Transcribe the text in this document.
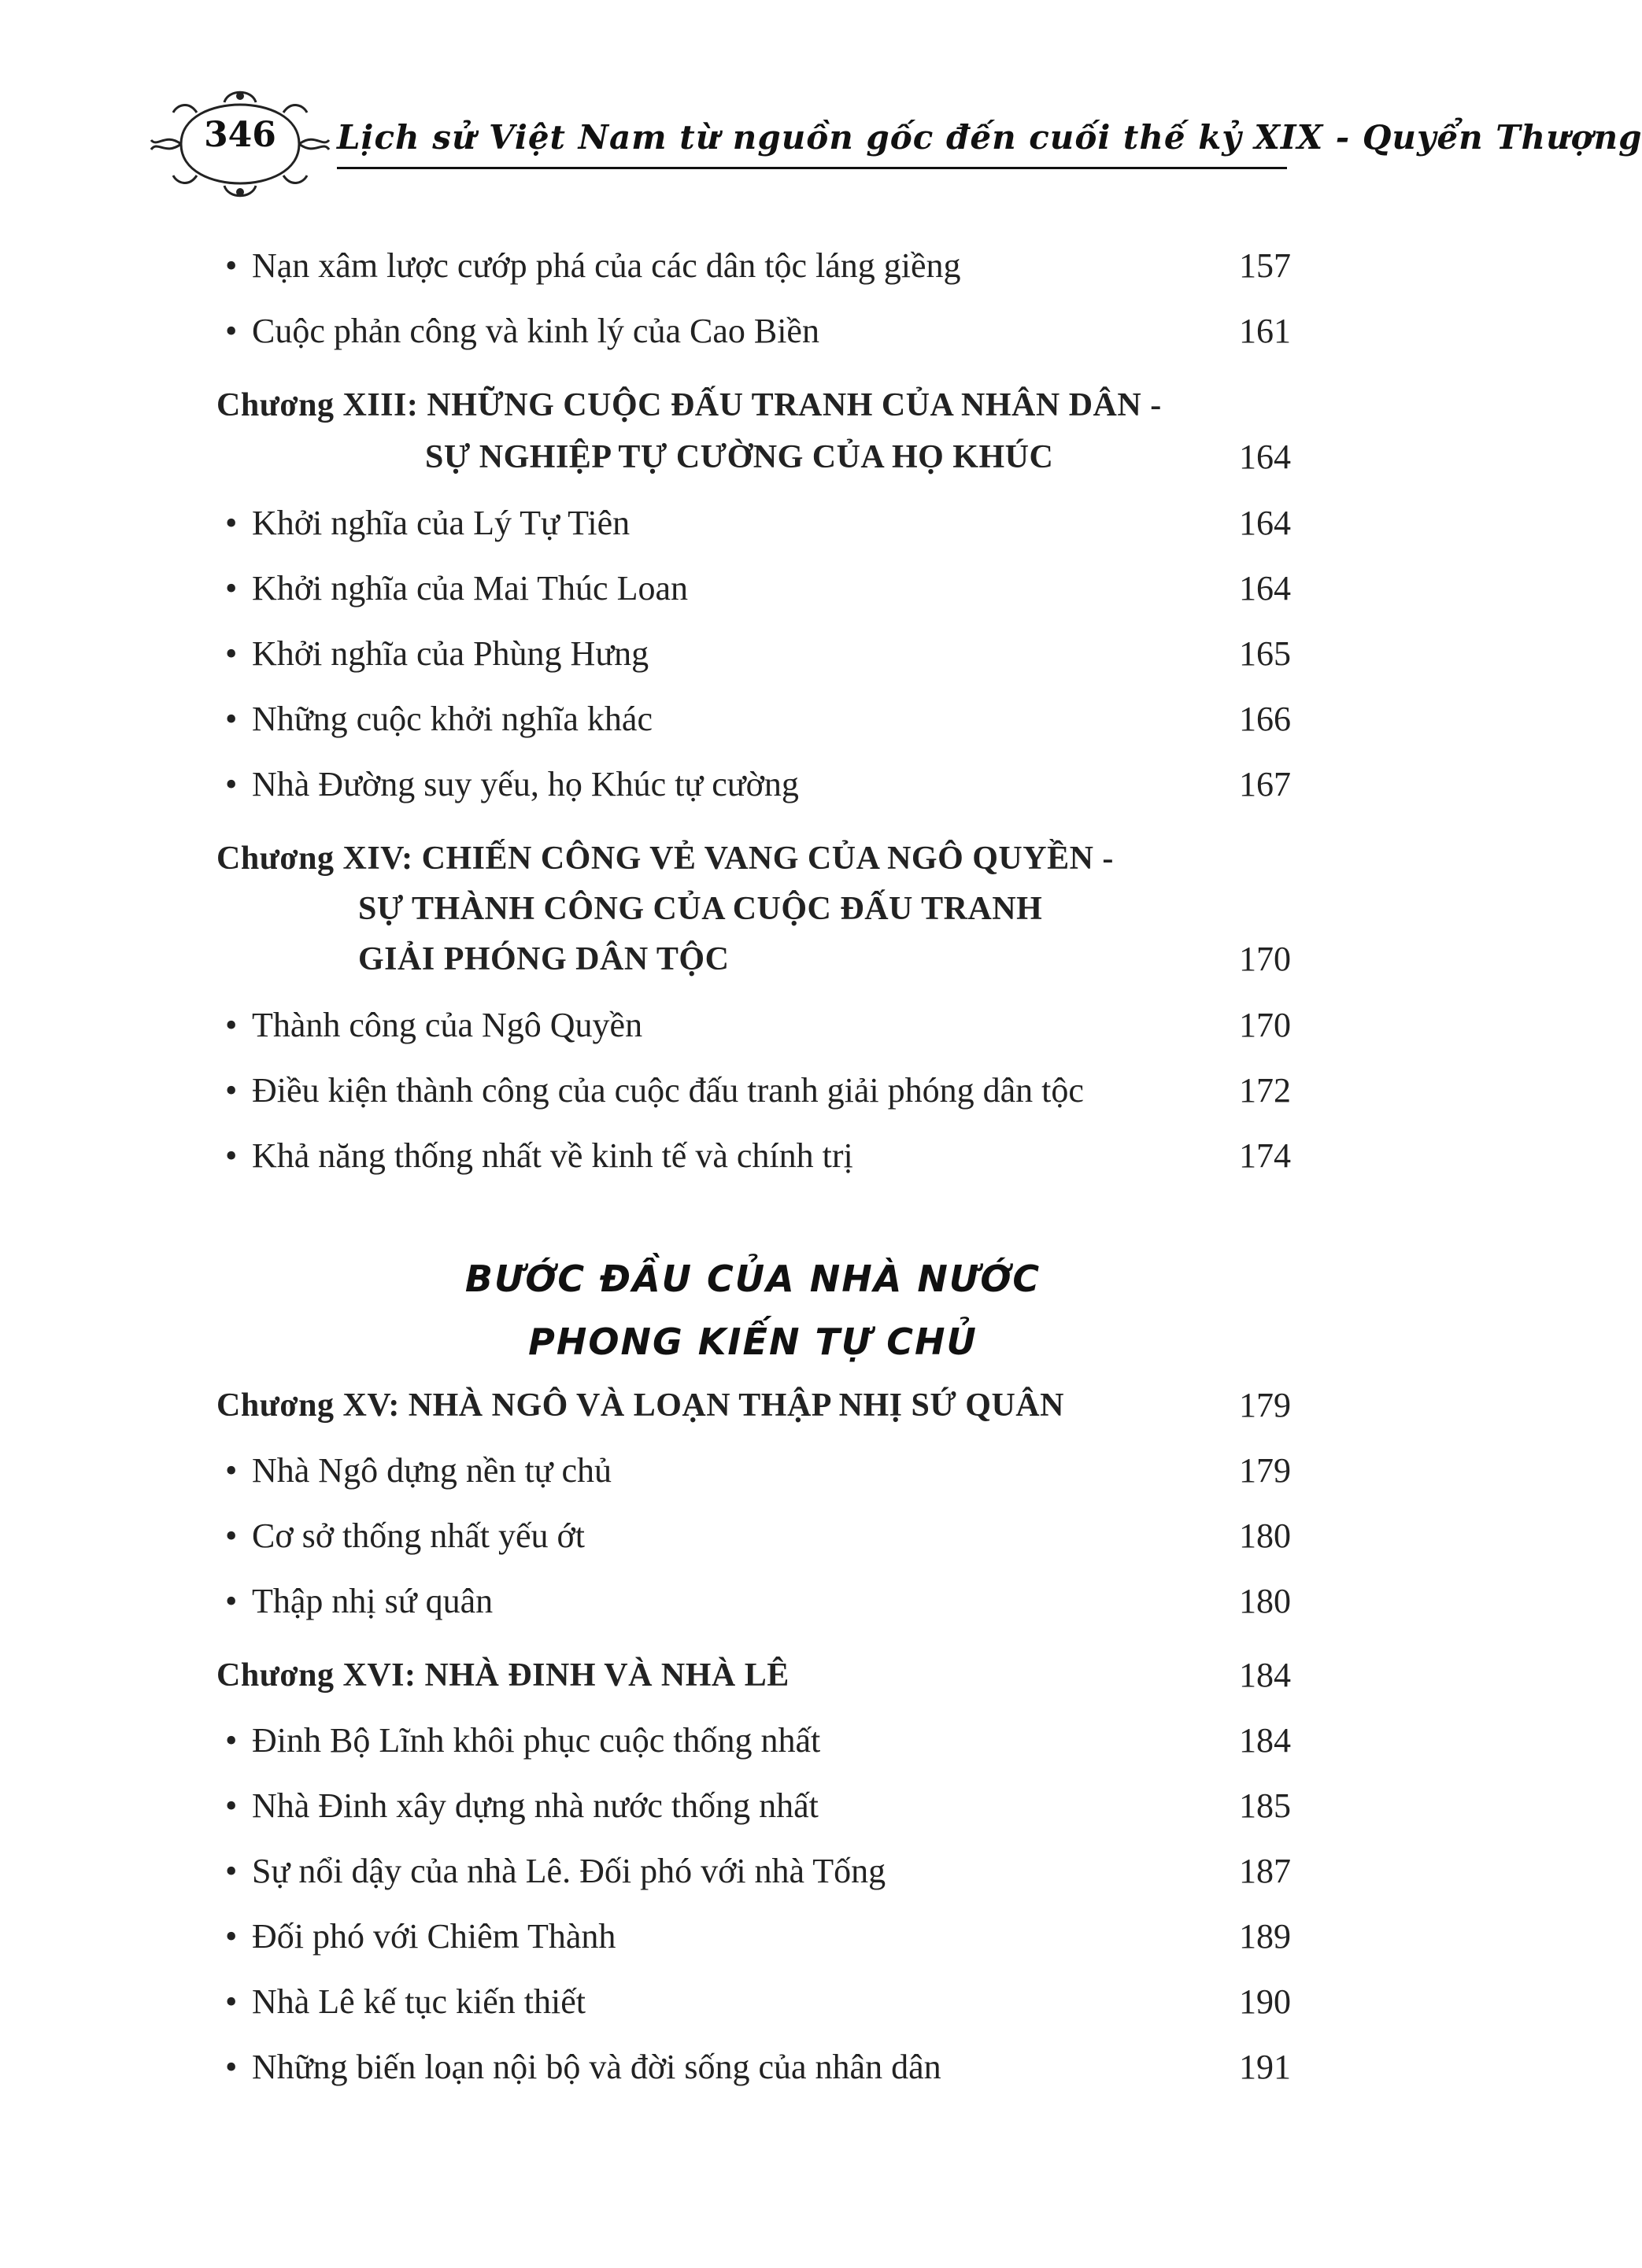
346	Lịch sử Việt Nam từ nguồn gốc đến cuối thế kỷ XIX - Quyển Thượng
• Nạn xâm lược cướp phá của các dân tộc láng giềng	157
• Cuộc phản công và kinh lý của Cao Biền	161
Chương XIII: NHỮNG CUỘC ĐẤU TRANH CỦA NHÂN DÂN -
SỰ NGHIỆP TỰ CƯỜNG CỦA HỌ KHÚC	164
• Khởi nghĩa của Lý Tự Tiên	164
• Khởi nghĩa của Mai Thúc Loan	164
• Khởi nghĩa của Phùng Hưng	165
• Những cuộc khởi nghĩa khác	166
• Nhà Đường suy yếu, họ Khúc tự cường	167
Chương XIV: CHIẾN CÔNG VẺ VANG CỦA NGÔ QUYỀN -
SỰ THÀNH CÔNG CỦA CUỘC ĐẤU TRANH
GIẢI PHÓNG DÂN TỘC	170
• Thành công của Ngô Quyền	170
• Điều kiện thành công của cuộc đấu tranh giải phóng dân tộc	172
• Khả năng thống nhất về kinh tế và chính trị	174
BƯỚC ĐẦU CỦA NHÀ NƯỚC
PHONG KIẾN TỰ CHỦ
Chương XV: NHÀ NGÔ VÀ LOẠN THẬP NHỊ SỨ QUÂN	179
• Nhà Ngô dựng nền tự chủ	179
• Cơ sở thống nhất yếu ớt	180
• Thập nhị sứ quân	180
Chương XVI: NHÀ ĐINH VÀ NHÀ LÊ	184
• Đinh Bộ Lĩnh khôi phục cuộc thống nhất	184
• Nhà Đinh xây dựng nhà nước thống nhất	185
• Sự nổi dậy của nhà Lê. Đối phó với nhà Tống	187
• Đối phó với Chiêm Thành	189
• Nhà Lê kế tục kiến thiết	190
• Những biến loạn nội bộ và đời sống của nhân dân	191
